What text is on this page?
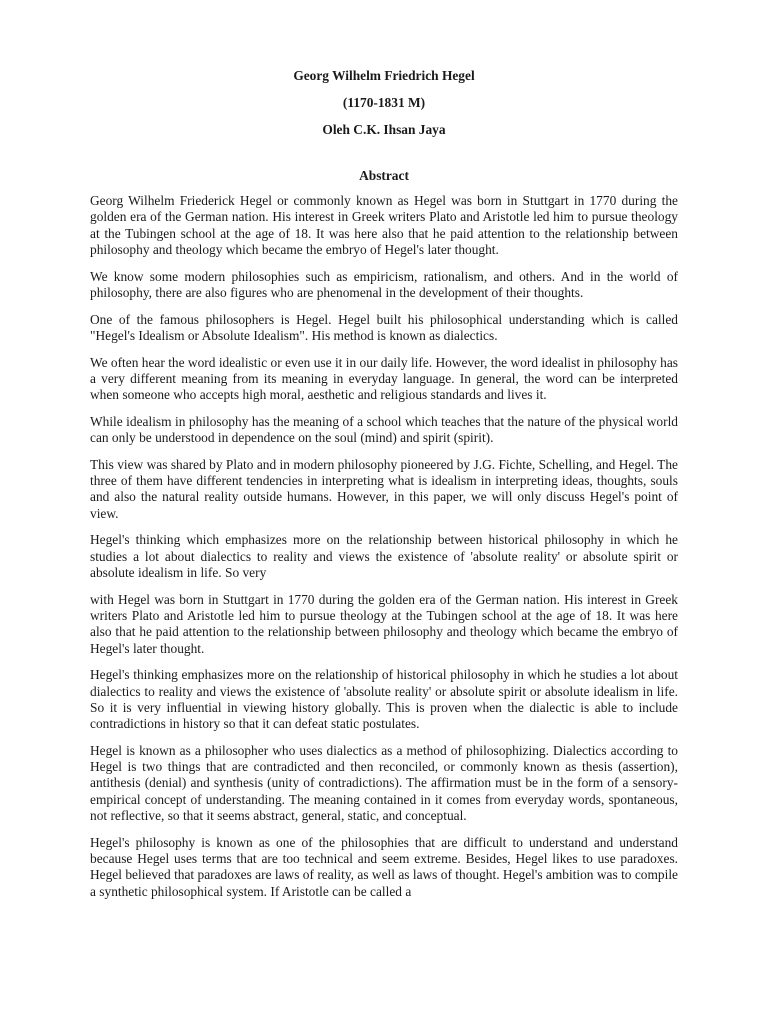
Georg Wilhelm Friedrich Hegel
(1170-1831 M)
Oleh C.K. Ihsan Jaya
Abstract

Georg Wilhelm Friederick Hegel or commonly known as Hegel was born in Stuttgart in 1770 during the golden era of the German nation. His interest in Greek writers Plato and Aristotle led him to pursue theology at the Tubingen school at the age of 18. It was here also that he paid attention to the relationship between philosophy and theology which became the embryo of Hegel's later thought.

We know some modern philosophies such as empiricism, rationalism, and others. And in the world of philosophy, there are also figures who are phenomenal in the development of their thoughts.

One of the famous philosophers is Hegel. Hegel built his philosophical understanding which is called "Hegel's Idealism or Absolute Idealism". His method is known as dialectics.

We often hear the word idealistic or even use it in our daily life. However, the word idealist in philosophy has a very different meaning from its meaning in everyday language. In general, the word can be interpreted when someone who accepts high moral, aesthetic and religious standards and lives it.

While idealism in philosophy has the meaning of a school which teaches that the nature of the physical world can only be understood in dependence on the soul (mind) and spirit (spirit).

This view was shared by Plato and in modern philosophy pioneered by J.G. Fichte, Schelling, and Hegel. The three of them have different tendencies in interpreting what is idealism in interpreting ideas, thoughts, souls and also the natural reality outside humans. However, in this paper, we will only discuss Hegel's point of view.

Hegel's thinking which emphasizes more on the relationship between historical philosophy in which he studies a lot about dialectics to reality and views the existence of 'absolute reality' or absolute spirit or absolute idealism in life. So very

with Hegel was born in Stuttgart in 1770 during the golden era of the German nation. His interest in Greek writers Plato and Aristotle led him to pursue theology at the Tubingen school at the age of 18. It was here also that he paid attention to the relationship between philosophy and theology which became the embryo of Hegel's later thought.

Hegel's thinking emphasizes more on the relationship of historical philosophy in which he studies a lot about dialectics to reality and views the existence of 'absolute reality' or absolute spirit or absolute idealism in life. So it is very influential in viewing history globally. This is proven when the dialectic is able to include contradictions in history so that it can defeat static postulates.

Hegel is known as a philosopher who uses dialectics as a method of philosophizing. Dialectics according to Hegel is two things that are contradicted and then reconciled, or commonly known as thesis (assertion), antithesis (denial) and synthesis (unity of contradictions). The affirmation must be in the form of a sensory-empirical concept of understanding. The meaning contained in it comes from everyday words, spontaneous, not reflective, so that it seems abstract, general, static, and conceptual.

Hegel's philosophy is known as one of the philosophies that are difficult to understand and understand because Hegel uses terms that are too technical and seem extreme. Besides, Hegel likes to use paradoxes. Hegel believed that paradoxes are laws of reality, as well as laws of thought. Hegel's ambition was to compile a synthetic philosophical system. If Aristotle can be called a
